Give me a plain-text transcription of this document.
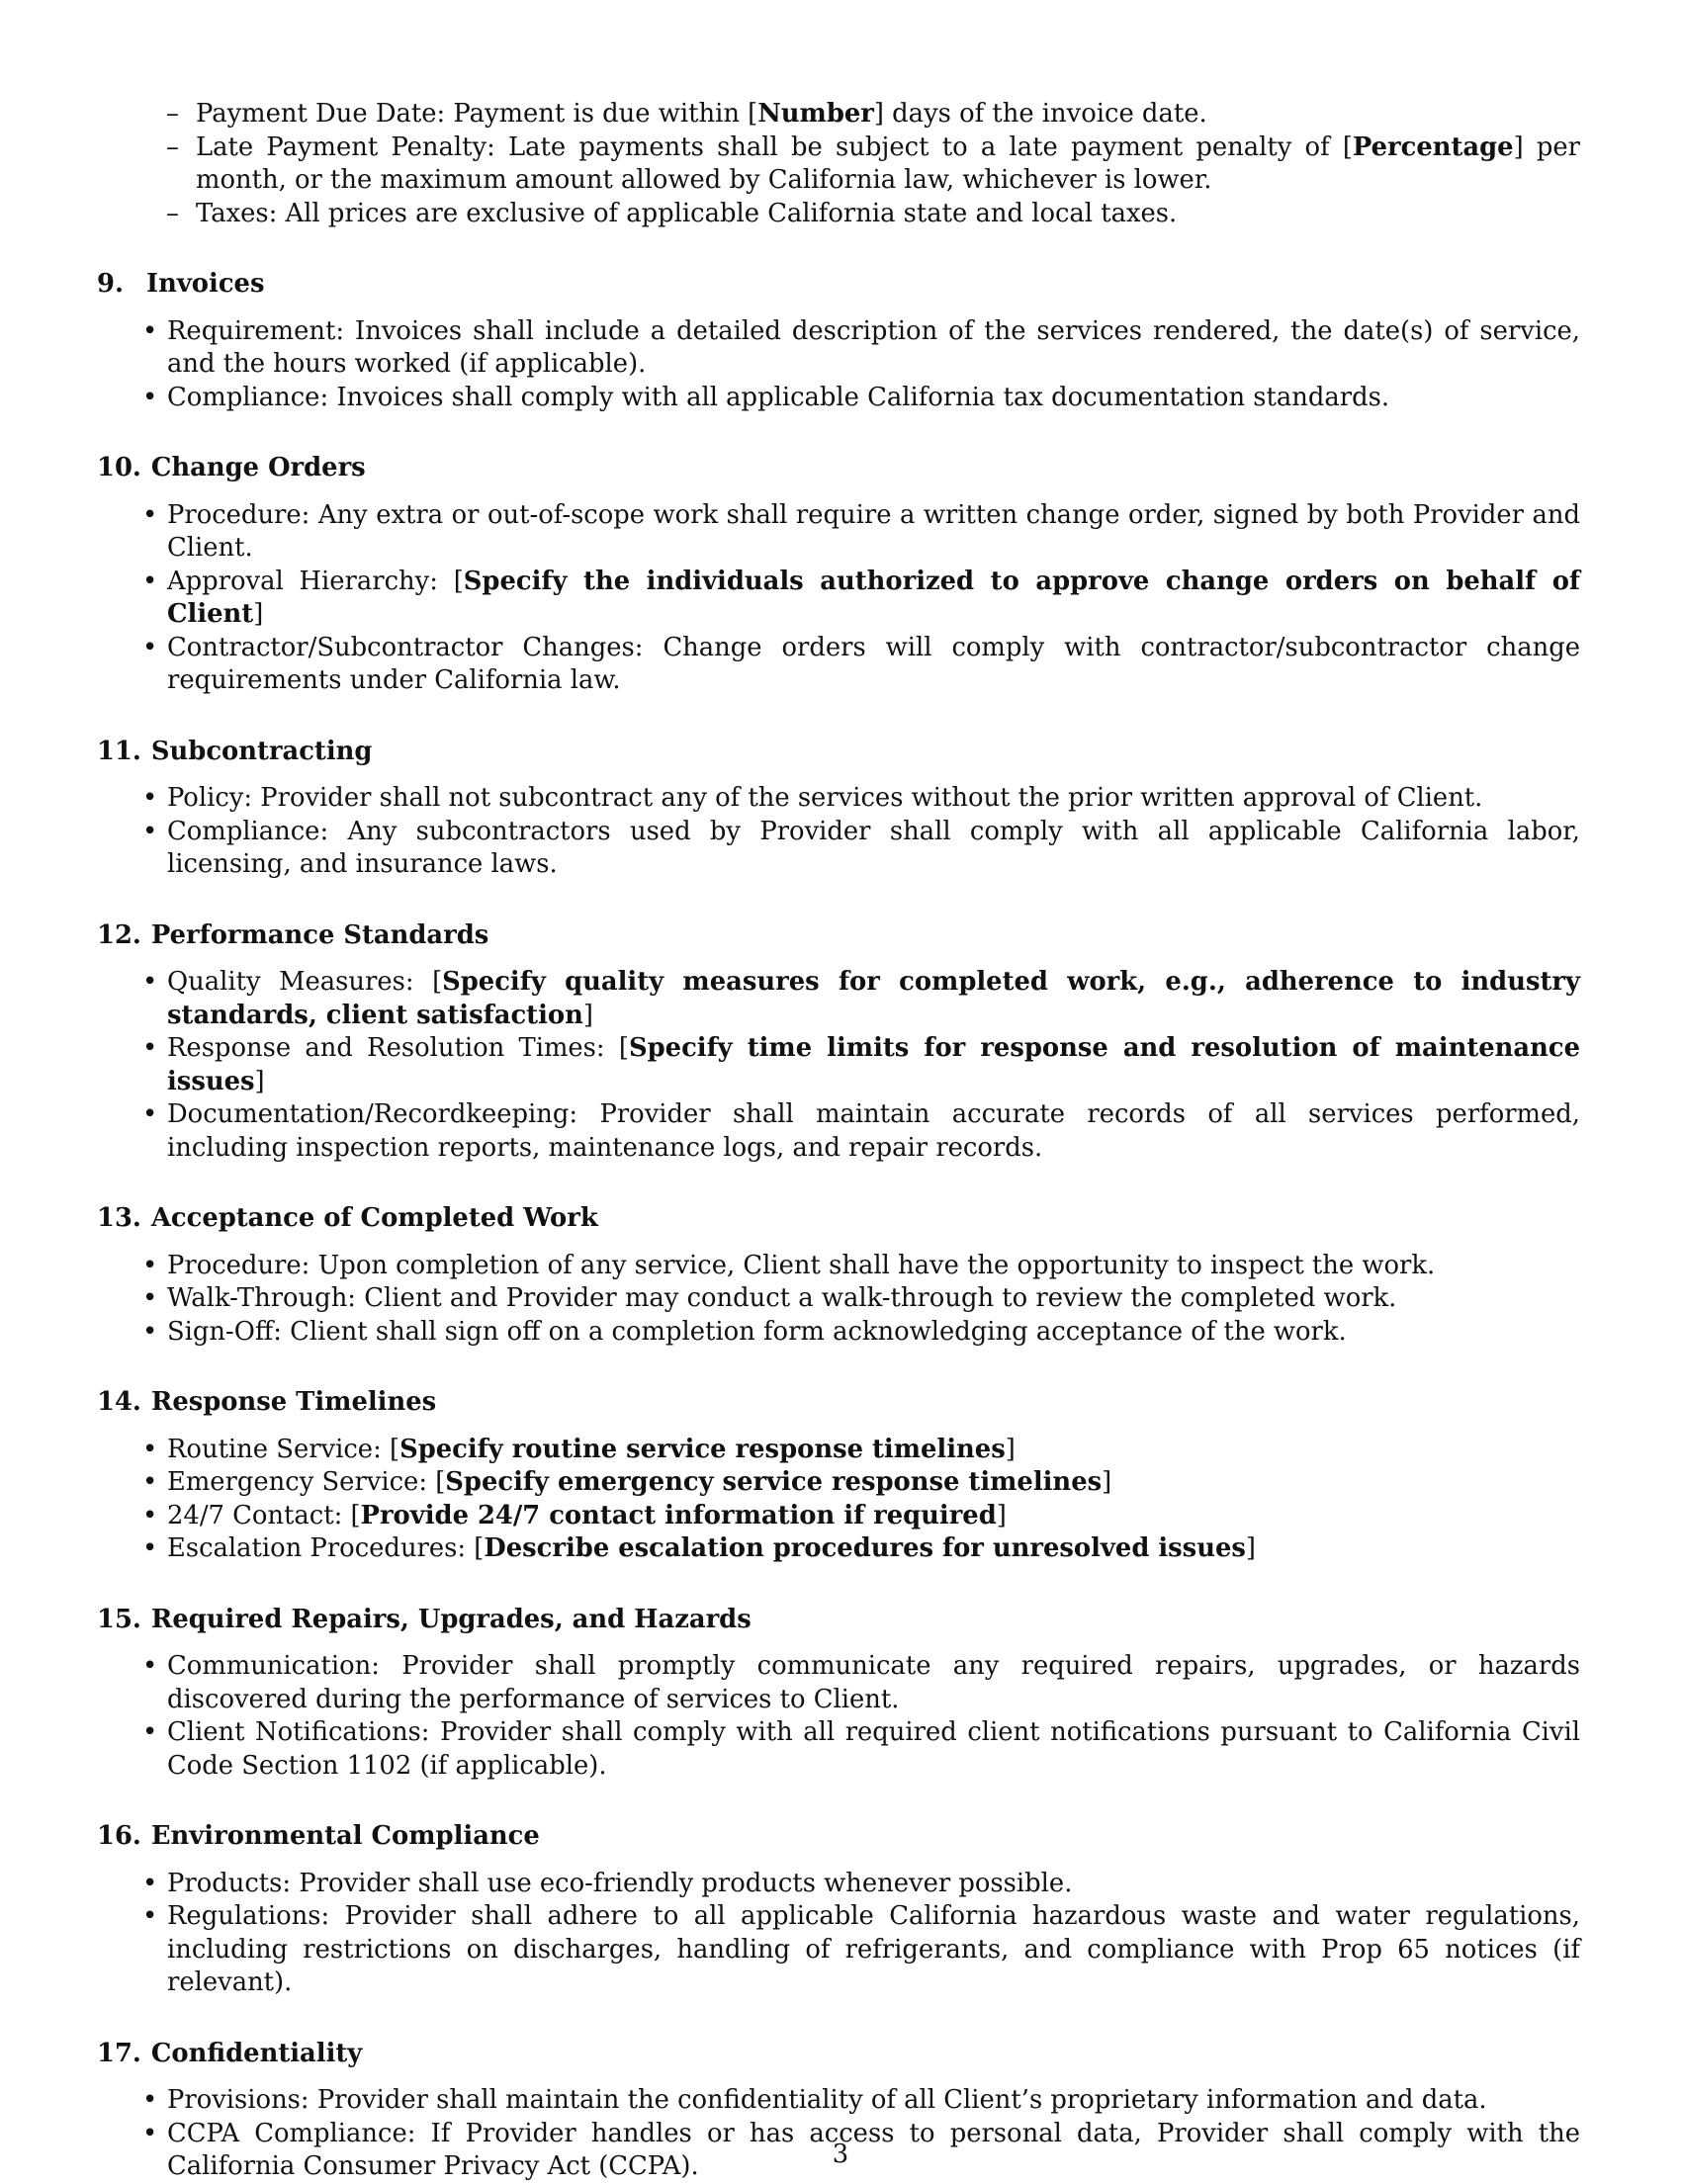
– Payment Due Date: Payment is due within [Number] days of the invoice date.
– Late Payment Penalty: Late payments shall be subject to a late payment penalty of [Percentage] per month, or the maximum amount allowed by California law, whichever is lower.
– Taxes: All prices are exclusive of applicable California state and local taxes.
9. Invoices
• Requirement: Invoices shall include a detailed description of the services rendered, the date(s) of service, and the hours worked (if applicable).
• Compliance: Invoices shall comply with all applicable California tax documentation standards.
10. Change Orders
• Procedure: Any extra or out-of-scope work shall require a written change order, signed by both Provider and Client.
• Approval Hierarchy: [Specify the individuals authorized to approve change orders on behalf of Client]
• Contractor/Subcontractor Changes: Change orders will comply with contractor/subcontractor change requirements under California law.
11. Subcontracting
• Policy: Provider shall not subcontract any of the services without the prior written approval of Client.
• Compliance: Any subcontractors used by Provider shall comply with all applicable California labor, licensing, and insurance laws.
12. Performance Standards
• Quality Measures: [Specify quality measures for completed work, e.g., adherence to industry standards, client satisfaction]
• Response and Resolution Times: [Specify time limits for response and resolution of maintenance issues]
• Documentation/Recordkeeping: Provider shall maintain accurate records of all services performed, including inspection reports, maintenance logs, and repair records.
13. Acceptance of Completed Work
• Procedure: Upon completion of any service, Client shall have the opportunity to inspect the work.
• Walk-Through: Client and Provider may conduct a walk-through to review the completed work.
• Sign-Off: Client shall sign off on a completion form acknowledging acceptance of the work.
14. Response Timelines
• Routine Service: [Specify routine service response timelines]
• Emergency Service: [Specify emergency service response timelines]
• 24/7 Contact: [Provide 24/7 contact information if required]
• Escalation Procedures: [Describe escalation procedures for unresolved issues]
15. Required Repairs, Upgrades, and Hazards
• Communication: Provider shall promptly communicate any required repairs, upgrades, or hazards discovered during the performance of services to Client.
• Client Notifications: Provider shall comply with all required client notifications pursuant to California Civil Code Section 1102 (if applicable).
16. Environmental Compliance
• Products: Provider shall use eco-friendly products whenever possible.
• Regulations: Provider shall adhere to all applicable California hazardous waste and water regulations, including restrictions on discharges, handling of refrigerants, and compliance with Prop 65 notices (if relevant).
17. Confidentiality
• Provisions: Provider shall maintain the confidentiality of all Client’s proprietary information and data.
• CCPA Compliance: If Provider handles or has access to personal data, Provider shall comply with the California Consumer Privacy Act (CCPA).	3
